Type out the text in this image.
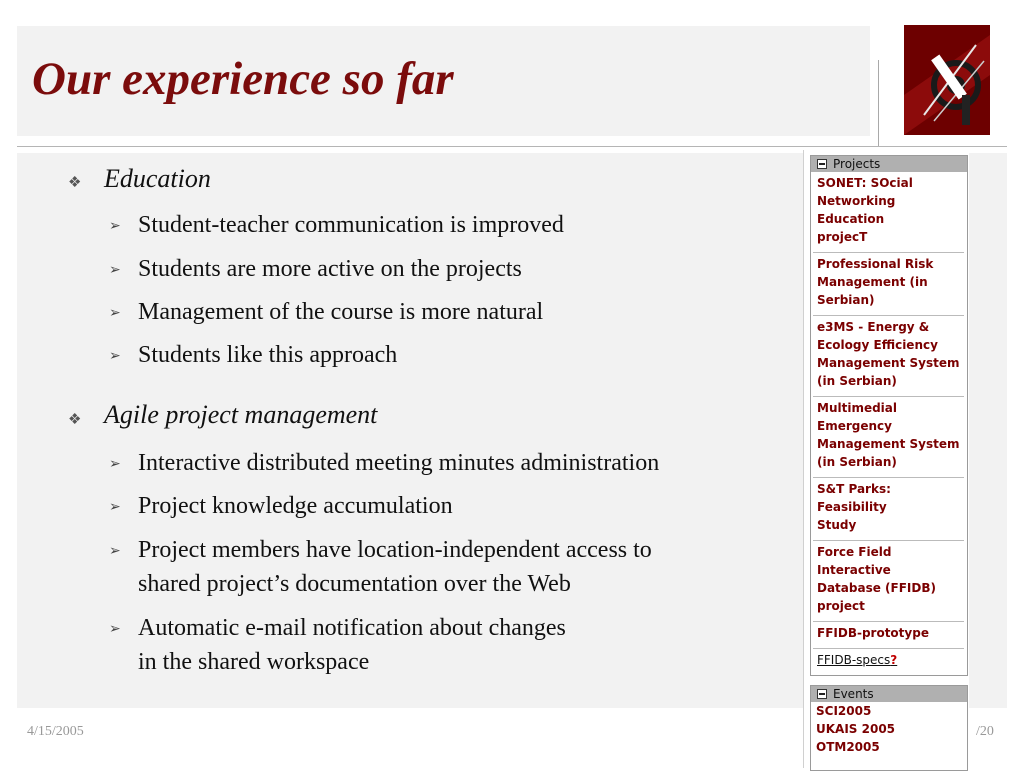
Our experience so far
❖ Education
➢ Student-teacher communication is improved
➢ Students are more active on the projects
➢ Management of the course is more natural
➢ Students like this approach
❖ Agile project management
➢ Interactive distributed meeting minutes administration
➢ Project knowledge accumulation
➢ Project members have location-independent access to
shared project’s documentation over the Web
➢ Automatic e-mail notification about changes
in the shared workspace
4/15/2005	/20
Projects
SONET: SOcial
Networking Education
projecT
Professional Risk
Management (in
Serbian)
e3MS - Energy &
Ecology Efficiency
Management System
(in Serbian)
Multimedial
Emergency
Management System
(in Serbian)
S&T Parks: Feasibility
Study
Force Field Interactive
Database (FFIDB)
project
FFIDB-prototype
FFIDB-specs?
Events
SCI2005
UKAIS 2005
OTM2005
